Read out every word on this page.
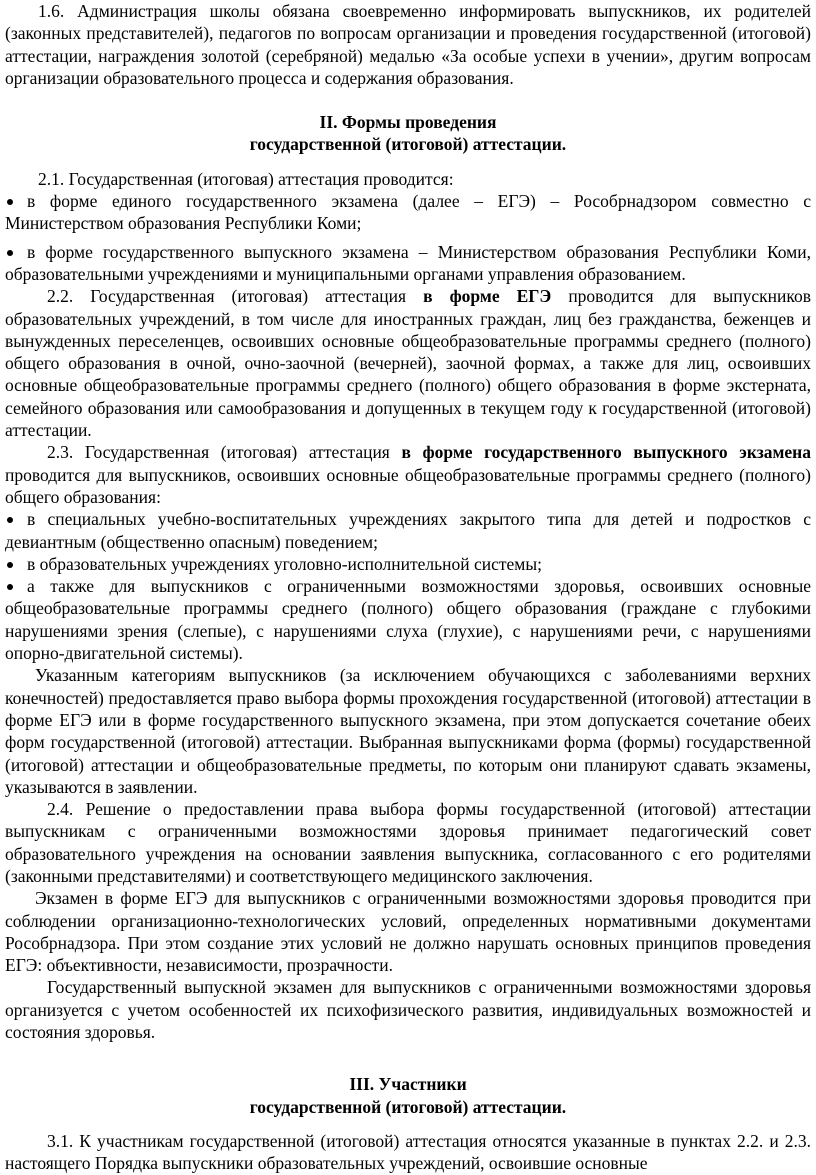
1.6. Администрация школы обязана своевременно информировать выпускников, их родителей (законных представителей), педагогов по вопросам организации и проведения государственной (итоговой) аттестации, награждения золотой (серебряной) медалью «За особые успехи в учении», другим вопросам организации образовательного процесса и содержания образования.

II. Формы проведения

государственной (итоговой) аттестации.

2.1. Государственная (итоговая) аттестация проводится:

в форме единого государственного экзамена (далее – ЕГЭ) – Рособрнадзором совместно с Министерством образования Республики Коми;

в форме государственного выпускного экзамена – Министерством образования Республики Коми, образовательными учреждениями и муниципальными органами управления образованием.

2.2. Государственная (итоговая) аттестация в форме ЕГЭ проводится для выпускников образовательных учреждений, в том числе для иностранных граждан, лиц без гражданства, беженцев и вынужденных переселенцев, освоивших основные общеобразовательные программы среднего (полного) общего образования в очной, очно-заочной (вечерней), заочной формах, а также для лиц, освоивших основные общеобразовательные программы среднего (полного) общего образования в форме экстерната, семейного образования или самообразования и допущенных в текущем году к государственной (итоговой) аттестации.

2.3. Государственная (итоговая) аттестация в форме государственного выпускного экзамена проводится для выпускников, освоивших основные общеобразовательные программы среднего (полного) общего образования:

в специальных учебно-воспитательных учреждениях закрытого типа для детей и подростков с девиантным (общественно опасным) поведением;

в образовательных учреждениях уголовно-исполнительной системы;

а также для выпускников с ограниченными возможностями здоровья, освоивших основные общеобразовательные программы среднего (полного) общего образования (граждане с глубокими нарушениями зрения (слепые), с нарушениями слуха (глухие), с нарушениями речи, с нарушениями опорно-двигательной системы).

Указанным категориям выпускников (за исключением обучающихся с заболеваниями верхних конечностей) предоставляется право выбора формы прохождения государственной (итоговой) аттестации в форме ЕГЭ или в форме государственного выпускного экзамена, при этом допускается сочетание обеих форм государственной (итоговой) аттестации. Выбранная выпускниками форма (формы) государственной (итоговой) аттестации и общеобразовательные предметы, по которым они планируют сдавать экзамены, указываются в заявлении.

2.4. Решение о предоставлении права выбора формы государственной (итоговой) аттестации выпускникам с ограниченными возможностями здоровья принимает педагогический совет образовательного учреждения на основании заявления выпускника, согласованного с его родителями (законными представителями) и соответствующего медицинского заключения.

Экзамен в форме ЕГЭ для выпускников с ограниченными возможностями здоровья проводится при соблюдении организационно-технологических условий, определенных нормативными документами Рособрнадзора. При этом создание этих условий не должно нарушать основных принципов проведения ЕГЭ: объективности, независимости, прозрачности.

Государственный выпускной экзамен для выпускников с ограниченными возможностями здоровья организуется с учетом особенностей их психофизического развития, индивидуальных возможностей и состояния здоровья.

III. Участники

государственной (итоговой) аттестации.

3.1. К участникам государственной (итоговой) аттестация относятся указанные в пунктах 2.2. и 2.3. настоящего Порядка выпускники образовательных учреждений, освоившие основные
